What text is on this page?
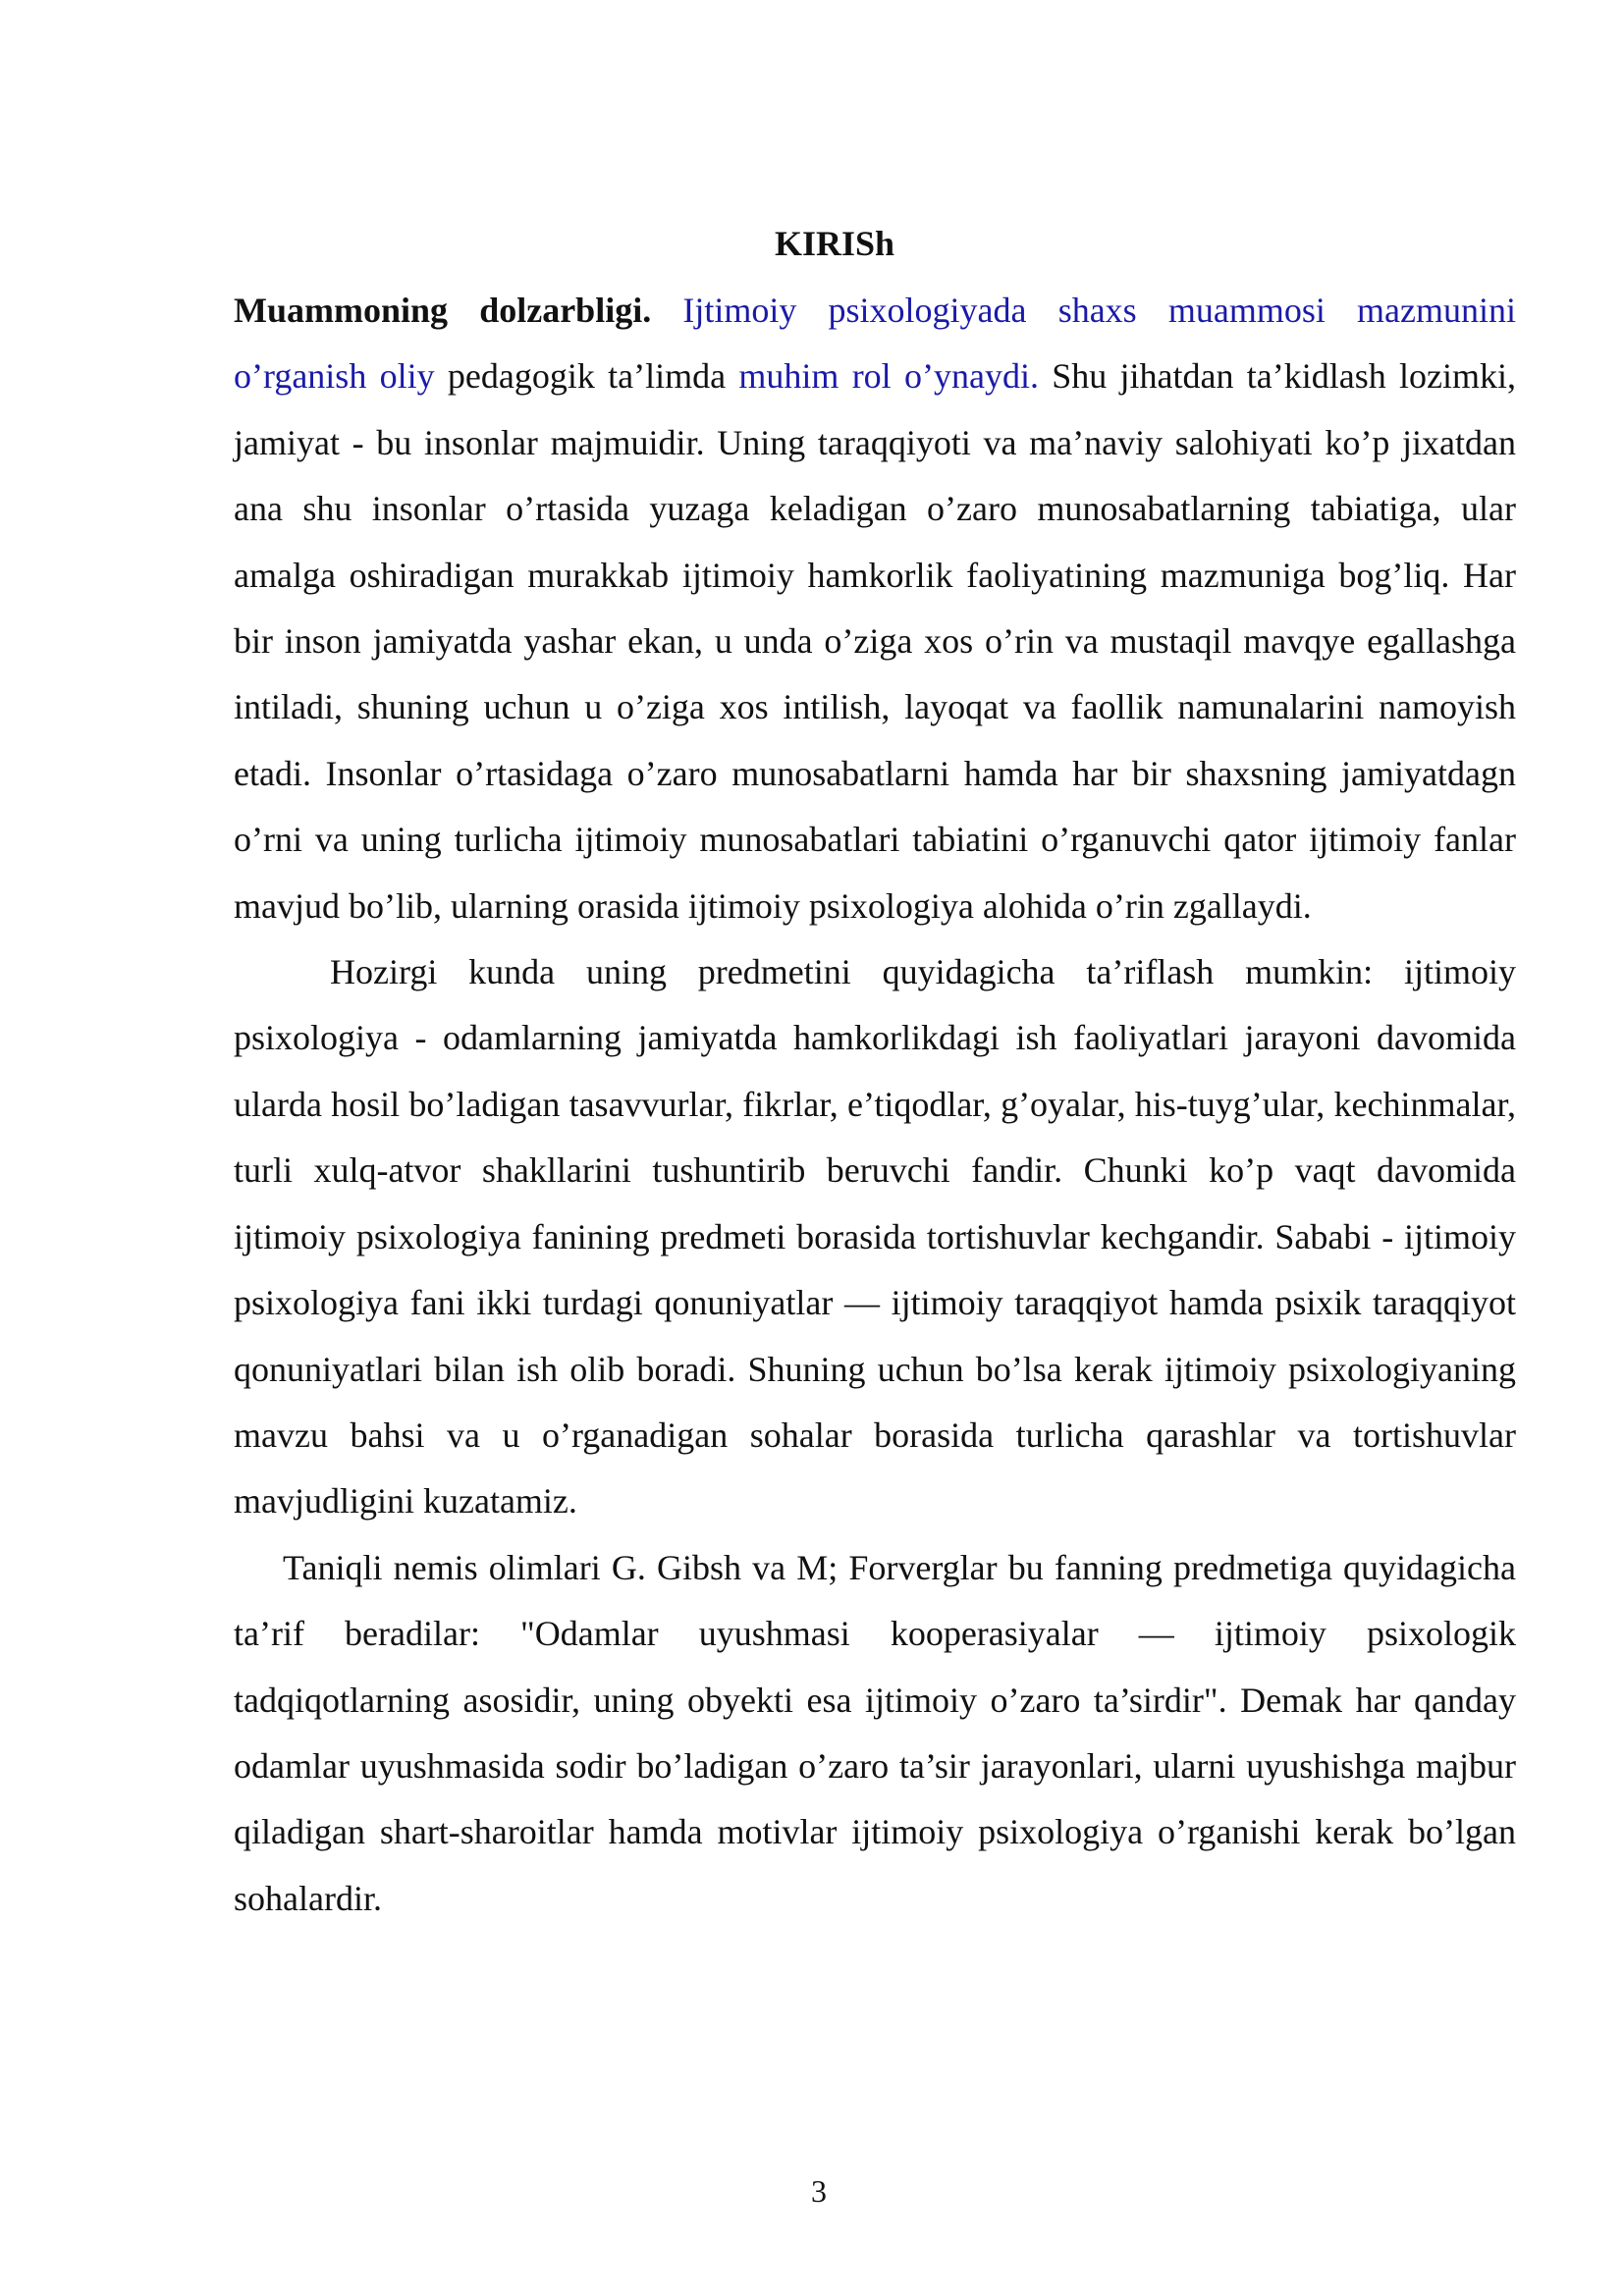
KIRISh

Muammoning dolzarbligi. Ijtimoiy psixologiyada shaxs muammosi mazmunini o’rganish oliy pedagogik ta’limda muhim rol o’ynaydi. Shu jihatdan ta’kidlash lozimki, jamiyat - bu insonlar majmuidir. Uning taraqqiyoti va ma’naviy salohiyati ko’p jixatdan ana shu insonlar o’rtasida yuzaga keladigan o’zaro munosabatlarning tabiatiga, ular amalga oshiradigan murakkab ijtimoiy hamkorlik faoliyatining mazmuniga bog’liq. Har bir inson jamiyatda yashar ekan, u unda o’ziga xos o’rin va mustaqil mavqye egallashga intiladi, shuning uchun u o’ziga xos intilish, layoqat va faollik namunalarini namoyish etadi. Insonlar o’rtasidaga o’zaro munosabatlarni hamda har bir shaxsning jamiyatdagn o’rni va uning turlicha ijtimoiy munosabatlari tabiatini o’rganuvchi qator ijtimoiy fanlar mavjud bo’lib, ularning orasida ijtimoiy psixologiya alohida o’rin zgallaydi.

Hozirgi kunda uning predmetini quyidagicha ta’riflash mumkin: ijtimoiy psixologiya - odamlarning jamiyatda hamkorlikdagi ish faoliyatlari jarayoni davomida ularda hosil bo’ladigan tasavvurlar, fikrlar, e’tiqodlar, g’oyalar, his-tuyg’ular, kechinmalar, turli xulq-atvor shakllarini tushuntirib beruvchi fandir. Chunki ko’p vaqt davomida ijtimoiy psixologiya fanining predmeti borasida tortishuvlar kechgandir. Sababi - ijtimoiy psixologiya fani ikki turdagi qonuniyatlar — ijtimoiy taraqqiyot hamda psixik taraqqiyot qonuniyatlari bilan ish olib boradi. Shuning uchun bo’lsa kerak ijtimoiy psixologiyaning mavzu bahsi va u o’rganadigan sohalar borasida turlicha qarashlar va tortishuvlar mavjudligini kuzatamiz.

Taniqli nemis olimlari G. Gibsh va M; Forverglar bu fanning predmetiga quyidagicha ta’rif beradilar: "Odamlar uyushmasi kooperasiyalar — ijtimoiy psixologik tadqiqotlarning asosidir, uning obyekti esa ijtimoiy o’zaro ta’sirdir". Demak har qanday odamlar uyushmasida sodir bo’ladigan o’zaro ta’sir jarayonlari, ularni uyushishga majbur qiladigan shart-sharoitlar hamda motivlar ijtimoiy psixologiya o’rganishi kerak bo’lgan sohalardir.

3
